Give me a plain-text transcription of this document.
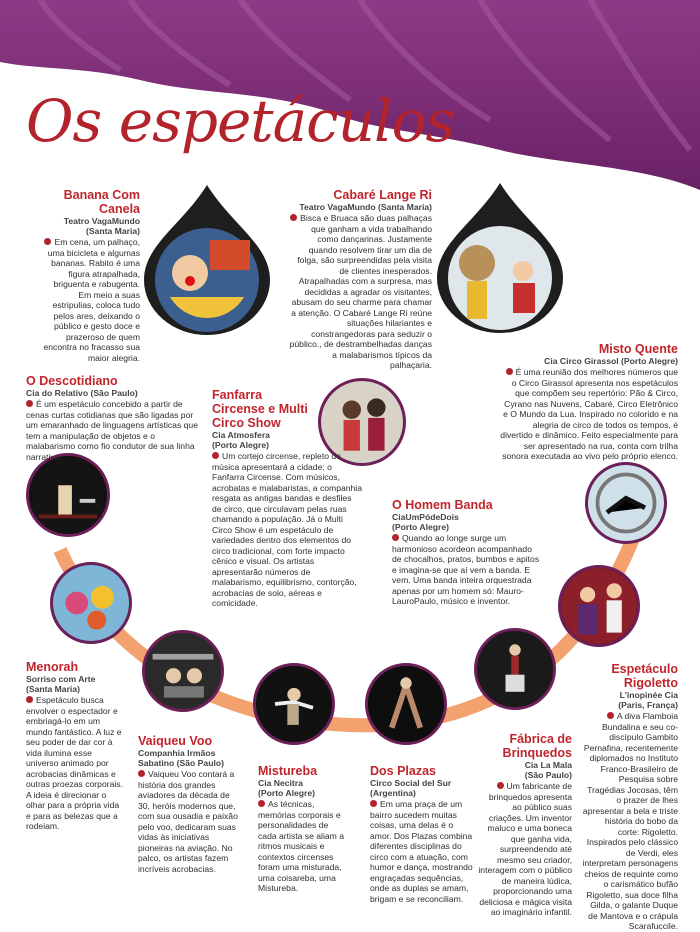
Os espetáculos
Banana Com Canela
Teatro VagaMundo
(Santa Maria)

Em cena, um palhaço, uma bicicleta e algumas bananas. Rabito é uma figura atrapalhada, briguenta e rabugenta. Em meio a suas estripulias, coloca tudo pelos ares, deixando o público e gesto doce e prazeroso de quem encontra no fracasso sua maior alegria.

Cabaré Lange Ri
Teatro VagaMundo (Santa Maria)

Bisca e Bruaca são duas palhaças que ganham a vida trabalhando como dançarinas. Justamente quando resolvem tirar um dia de folga, são surpreendidas pela visita de clientes inesperados. Atrapalhadas com a surpresa, mas decididas a agradar os visitantes, abusam do seu charme para chamar a atenção. O Cabaré Lange Ri reúne situações hilariantes e constrangedoras para seduzir o público., de destrambelhadas danças a malabarismos típicos da palhaçaria.

O Descotidiano
Cia do Relativo (São Paulo)

É um espetáculo concebido a partir de cenas curtas cotidianas que são ligadas por um emaranhado de linguagens artísticas que tem a manipulação de objetos e o malabarismo como fio condutor de sua linha narrativa.

Fanfarra Circense e Multi Circo Show
Cia Atmosfera
(Porto Alegre)

Um cortejo circense, repleto de música apresentará a cidade: o Fanfarra Circense. Com músicos, acrobatas e malabaristas, a companhia resgata as antigas bandas e desfiles de circo, que circulavam pelas ruas chamando a população. Já o Multi Circo Show é um espetáculo de variedades dentro dos elementos do circo tradicional, com forte impacto cênico e visual. Os artistas apresentarão números de malabarismo, equilibrismo, contorção, acrobacias de solo, aéreas e comicidade.

Misto Quente
Cia Circo Girassol (Porto Alegre)

É uma reunião dos melhores números que o Circo Girassol apresenta nos espetáculos que compõem seu repertório: Pão & Circo, Cyrano nas Nuvens, Cabaré, Circo Eletrônico e O Mundo da Lua. Inspirado no colorido e na alegria de circo de todos os tempos, é divertido e dinâmico. Feito especialmente para ser apresentado na rua, conta com trilha sonora executada ao vivo pelo próprio elenco.

O Homem Banda
CiaUmPódeDois
(Porto Alegre)

Quando ao longe surge um harmonioso acordeon acompanhado de chocalhos, pratos, bumbos e apitos e imagina-se que aí vem a banda. E vem. Uma banda inteira orquestrada apenas por um homem só: Mauro-LauroPaulo, músico e inventor.

Menorah
Sorriso com Arte
(Santa Maria)

Espetáculo busca envolver o espectador e embriagá-lo em um mundo fantástico. A luz e seu poder de dar cor à vida ilumina esse universo animado por acrobacias dinâmicas e outras proezas corporais. A ideia é direcionar o olhar para a própria vida e para as belezas que a rodeiam.

Vaiqueu Voo
Companhia Irmãos Sabatino (São Paulo)

Vaiqueu Voo contará a história dos grandes aviadores da década de 30, heróis modernos que, com sua ousadia e paixão pelo voo, dedicaram suas vidas às iniciativas pioneiras na aviação. No palco, os artistas fazem incríveis acrobacias.

Mistureba
Cia Necitra
(Porto Alegre)

As técnicas, memórias corporais e personalidades de cada artista se aliam a ritmos musicais e contextos circenses foram uma misturada, uma coisareba, uma Mistureba.

Dos Plazas
Circo Social del Sur
(Argentina)

Em uma praça de um bairro sucedem muitas coisas, uma delas é o amor. Dos Plazas combina diferentes disciplinas do circo com a atuação, com humor e dança, mostrando engraçadas sequências, onde as duplas se amam, brigam e se reconciliam.

Fábrica de Brinquedos
Cia La Mala
(São Paulo)

Um fabricante de brinquedos apresenta ao público suas criações. Um inventor maluco e uma boneca que ganha vida, surpreendendo até mesmo seu criador, interagem com o público de maneira lúdica, proporcionando uma deliciosa e mágica visita ao imaginário infantil.

Espetáculo Rigoletto
L'inopinée Cia
(Paris, França)

A diva Flamboia Bundalina e seu co-discípulo Gambito Pernafina, recentemente diplomados no Instituto Franco-Brasileiro de Pesquisa sobre Tragédias Jocosas, têm o prazer de lhes apresentar a bela e triste história do bobo da corte: Rigoletto. Inspirados pelo clássico de Verdi, eles interpretam personagens cheios de requinte como o carismático bufão Rigoletto, sua doce filha Gilda, o galante Duque de Mantova e o crápula Scarafuccile.
